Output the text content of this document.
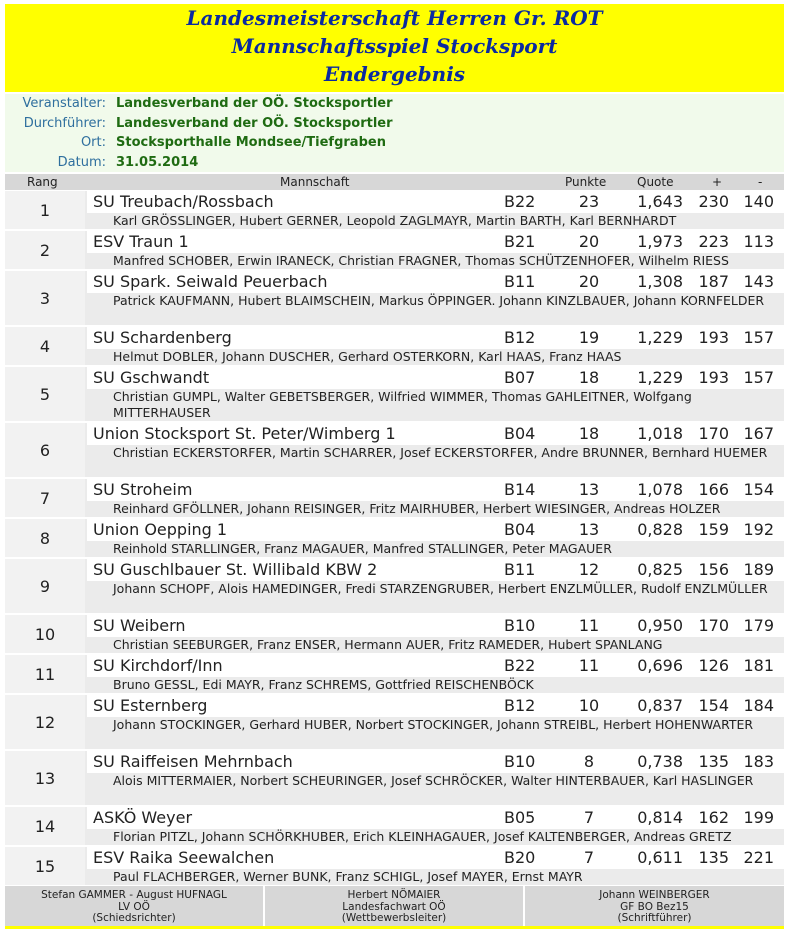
Landesmeisterschaft Herren Gr. ROT
Mannschaftsspiel Stocksport
Endergebnis
Veranstalter: Landesverband der OÖ. Stocksportler
Durchführer: Landesverband der OÖ. Stocksportler
Ort: Stocksporthalle Mondsee/Tiefgraben
Datum: 31.05.2014
Rang	Mannschaft	Punkte	Quote	+	-
1	SU Treubach/Rossbach	B22	23	1,643 230 140
Karl GRÖSSLINGER, Hubert GERNER, Leopold ZAGLMAYR, Martin BARTH, Karl BERNHARDT
2	ESV Traun 1	B21	20	1,973 223 113
Manfred SCHOBER, Erwin IRANECK, Christian FRAGNER, Thomas SCHÜTZENHOFER, Wilhelm RIESS
3
SU Spark. Seiwald Peuerbach	B11	20	1,308 187 143
Patrick KAUFMANN, Hubert BLAIMSCHEIN, Markus ÖPPINGER. Johann KINZLBAUER, Johann KORNFELDER
4	SU Schardenberg	B12	19	1,229 193 157
Helmut DOBLER, Johann DUSCHER, Gerhard OSTERKORN, Karl HAAS, Franz HAAS
5
SU Gschwandt	B07	18	1,229 193 157
Christian GUMPL, Walter GEBETSBERGER, Wilfried WIMMER, Thomas GAHLEITNER, Wolfgang MITTERHAUSER
6
Union Stocksport St. Peter/Wimberg 1	B04	18	1,018 170 167
Christian ECKERSTORFER, Martin SCHARRER, Josef ECKERSTORFER, Andre BRUNNER, Bernhard HUEMER
7	SU Stroheim	B14	13	1,078 166 154
Reinhard GFÖLLNER, Johann REISINGER, Fritz MAIRHUBER, Herbert WIESINGER, Andreas HOLZER
8	Union Oepping 1	B04	13	0,828 159 192
Reinhold STARLLINGER, Franz MAGAUER, Manfred STALLINGER, Peter MAGAUER
9
SU Guschlbauer St. Willibald KBW 2	B11	12	0,825 156 189
Johann SCHOPF, Alois HAMEDINGER, Fredi STARZENGRUBER, Herbert ENZLMÜLLER, Rudolf ENZLMÜLLER
10	SU Weibern	B10	11	0,950 170 179
Christian SEEBURGER, Franz ENSER, Hermann AUER, Fritz RAMEDER, Hubert SPANLANG
11	SU Kirchdorf/Inn	B22	11	0,696 126 181
Bruno GESSL, Edi MAYR, Franz SCHREMS, Gottfried REISCHENBÖCK
12
SU Esternberg	B12	10	0,837 154 184
Johann STOCKINGER, Gerhard HUBER, Norbert STOCKINGER, Johann STREIBL, Herbert HOHENWARTER
13
SU Raiffeisen Mehrnbach	B10	8	0,738 135 183
Alois MITTERMAIER, Norbert SCHEURINGER, Josef SCHRÖCKER, Walter HINTERBAUER, Karl HASLINGER
14	ASKÖ Weyer	B05	7	0,814 162 199
Florian PITZL, Johann SCHÖRKHUBER, Erich KLEINHAGAUER, Josef KALTENBERGER, Andreas GRETZ
15	ESV Raika Seewalchen	B20	7	0,611 135 221
Paul FLACHBERGER, Werner BUNK, Franz SCHIGL, Josef MAYER, Ernst MAYR
Stefan GAMMER - August HUFNAGL
LV OÖ
(Schiedsrichter)
Herbert NÖMAIER
Landesfachwart OÖ
(Wettbewerbsleiter)
Johann WEINBERGER
GF BO Bez15
(Schriftführer)
